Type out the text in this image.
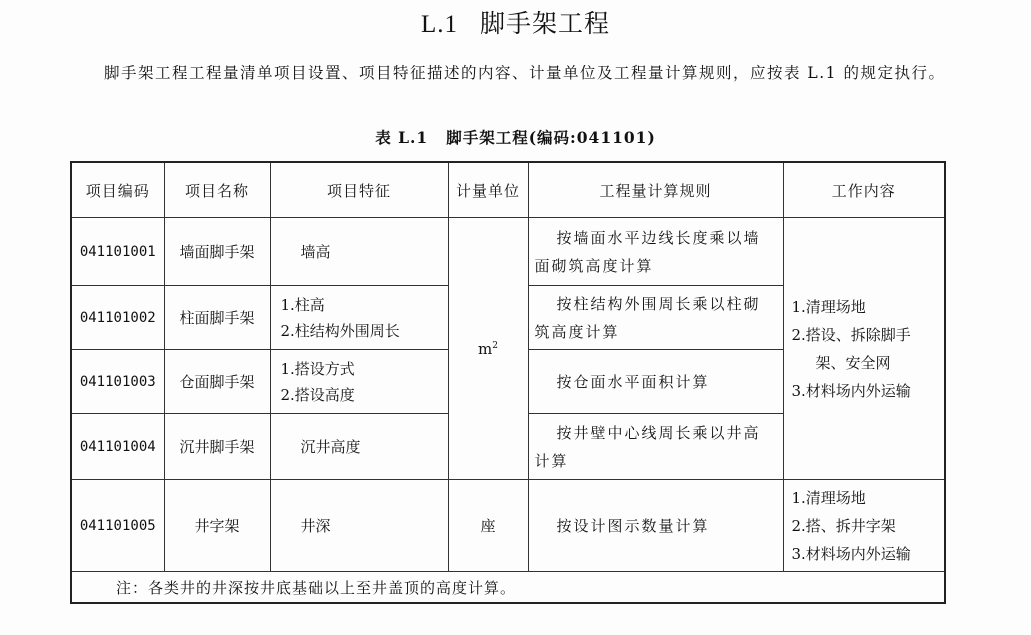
L.1 脚手架工程
脚手架工程工程量清单项目设置、项目特征描述的内容、计量单位及工程量计算规则，应按表 L.1 的规定执行。
表 L.1 脚手架工程(编码:041101)
项目编码	项目名称	项目特征	计量单位	工程量计算规则	工作内容
041101001	墙面脚手架	墙高	$m^2$	按墙面水平边线长度乘以墙面砌筑高度计算	1.清理场地
2.搭设、拆除脚手
架、安全网
3.材料场内外运输

041101002	柱面脚手架	1.柱高
2.柱结构外围周长		按柱结构外围周长乘以柱砌筑高度计算	

041101003	仓面脚手架	1.搭设方式
2.搭设高度		按仓面水平面积计算	

041101004	沉井脚手架	沉井高度		按井壁中心线周长乘以井高计算	

041101005	井字架	井深	座	按设计图示数量计算	1.清理场地
2.搭、拆井字架
3.材料场内外运输

注：各类井的井深按井底基础以上至井盖顶的高度计算。					
